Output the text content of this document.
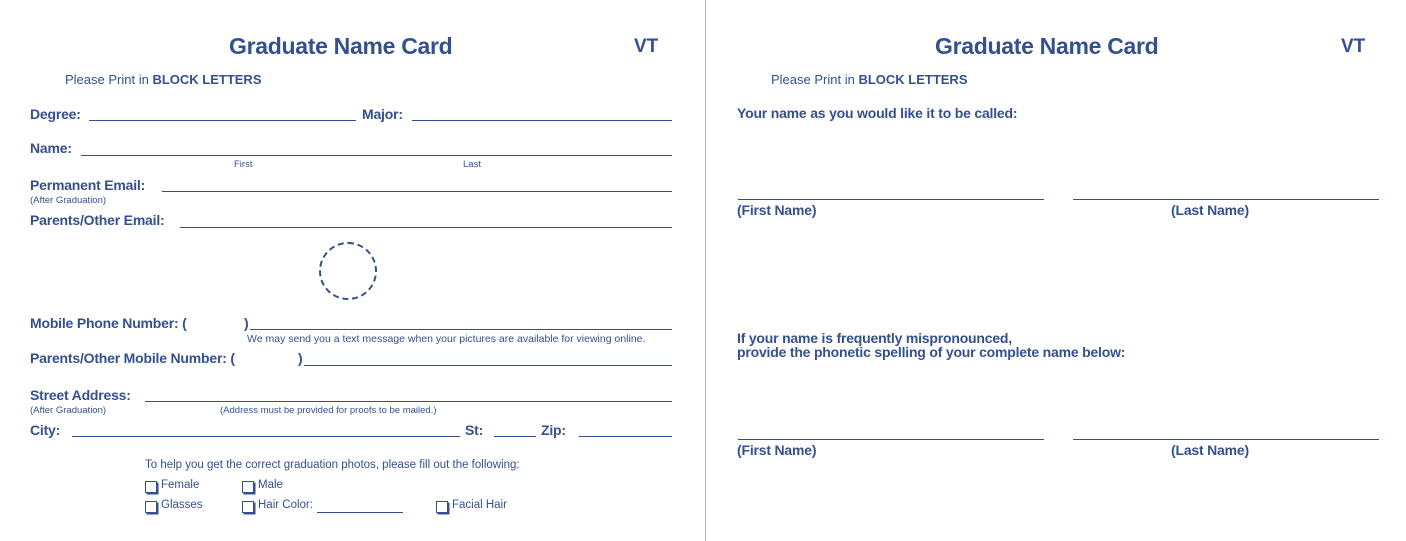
Graduate Name Card	VT
Please Print in BLOCK LETTERS
Degree:	Major:
Name:
First	Last
Permanent Email:
(After Graduation)
Parents/Other Email:
Mobile Phone Number: (	)
We may send you a text message when your pictures are available for viewing online.
Parents/Other Mobile Number: (	)
Street Address:
(After Graduation)	(Address must be provided for proofs to be mailed.)
City:	St:	Zip:
To help you get the correct graduation photos, please fill out the following:
Female	Male
Glasses	Hair Color:	Facial Hair
Graduate Name Card	VT
Please Print in BLOCK LETTERS
Your name as you would like it to be called:
(First Name)	(Last Name)
If your name is frequently mispronounced,
provide the phonetic spelling of your complete name below:
(First Name)	(Last Name)
